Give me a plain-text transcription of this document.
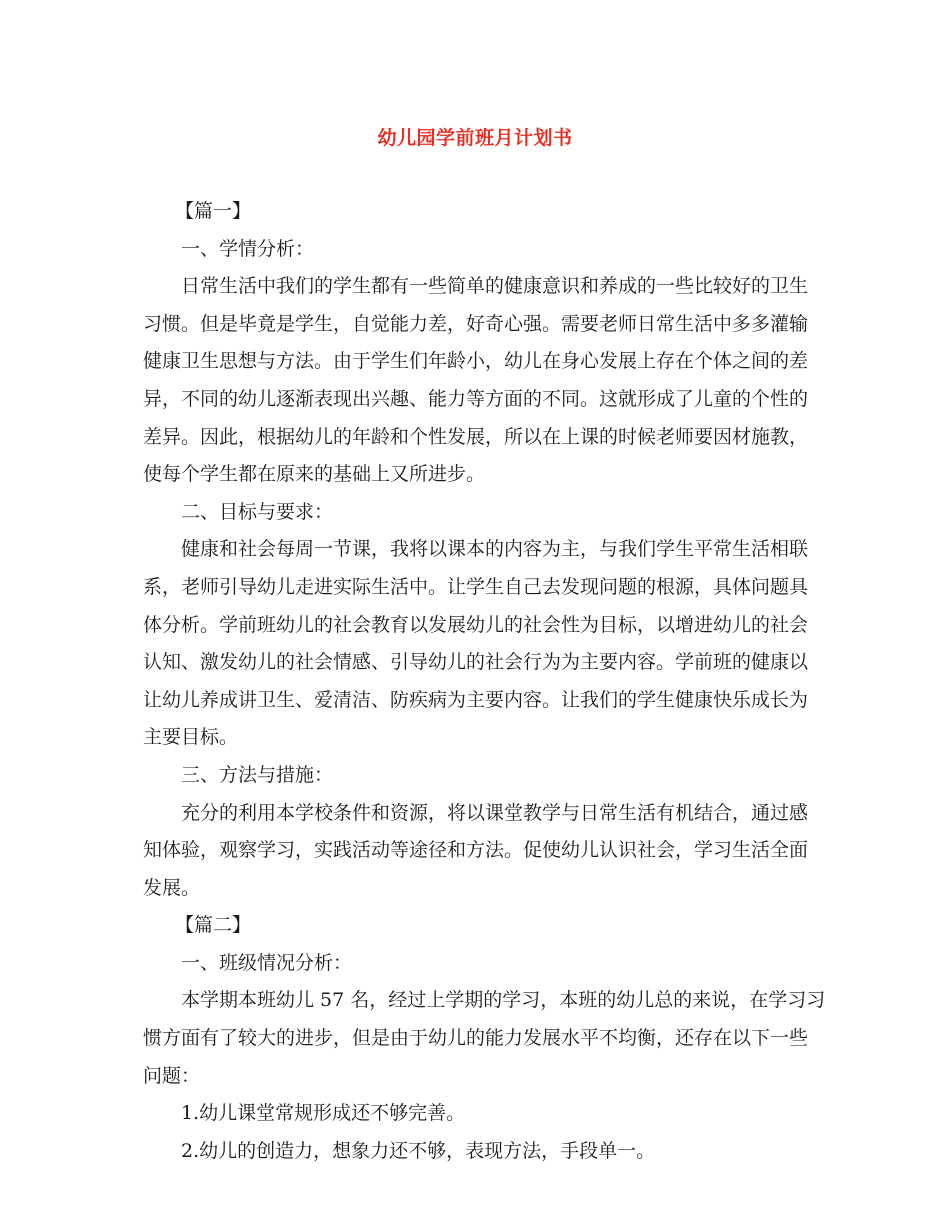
幼儿园学前班月计划书
【篇一】
一、学情分析：
日常生活中我们的学生都有一些简单的健康意识和养成的一些比较好的卫生
习惯。但是毕竟是学生，自觉能力差，好奇心强。需要老师日常生活中多多灌输
健康卫生思想与方法。由于学生们年龄小，幼儿在身心发展上存在个体之间的差
异，不同的幼儿逐渐表现出兴趣、能力等方面的不同。这就形成了儿童的个性的
差异。因此，根据幼儿的年龄和个性发展，所以在上课的时候老师要因材施教，
使每个学生都在原来的基础上又所进步。
二、目标与要求：
健康和社会每周一节课，我将以课本的内容为主，与我们学生平常生活相联
系，老师引导幼儿走进实际生活中。让学生自己去发现问题的根源，具体问题具
体分析。学前班幼儿的社会教育以发展幼儿的社会性为目标，以增进幼儿的社会
认知、激发幼儿的社会情感、引导幼儿的社会行为为主要内容。学前班的健康以
让幼儿养成讲卫生、爱清洁、防疾病为主要内容。让我们的学生健康快乐成长为
主要目标。
三、方法与措施：
充分的利用本学校条件和资源，将以课堂教学与日常生活有机结合，通过感
知体验，观察学习，实践活动等途径和方法。促使幼儿认识社会，学习生活全面
发展。
【篇二】
一、班级情况分析：
本学期本班幼儿 57 名，经过上学期的学习，本班的幼儿总的来说，在学习习
惯方面有了较大的进步，但是由于幼儿的能力发展水平不均衡，还存在以下一些
问题：
1.幼儿课堂常规形成还不够完善。
2.幼儿的创造力，想象力还不够，表现方法，手段单一。
